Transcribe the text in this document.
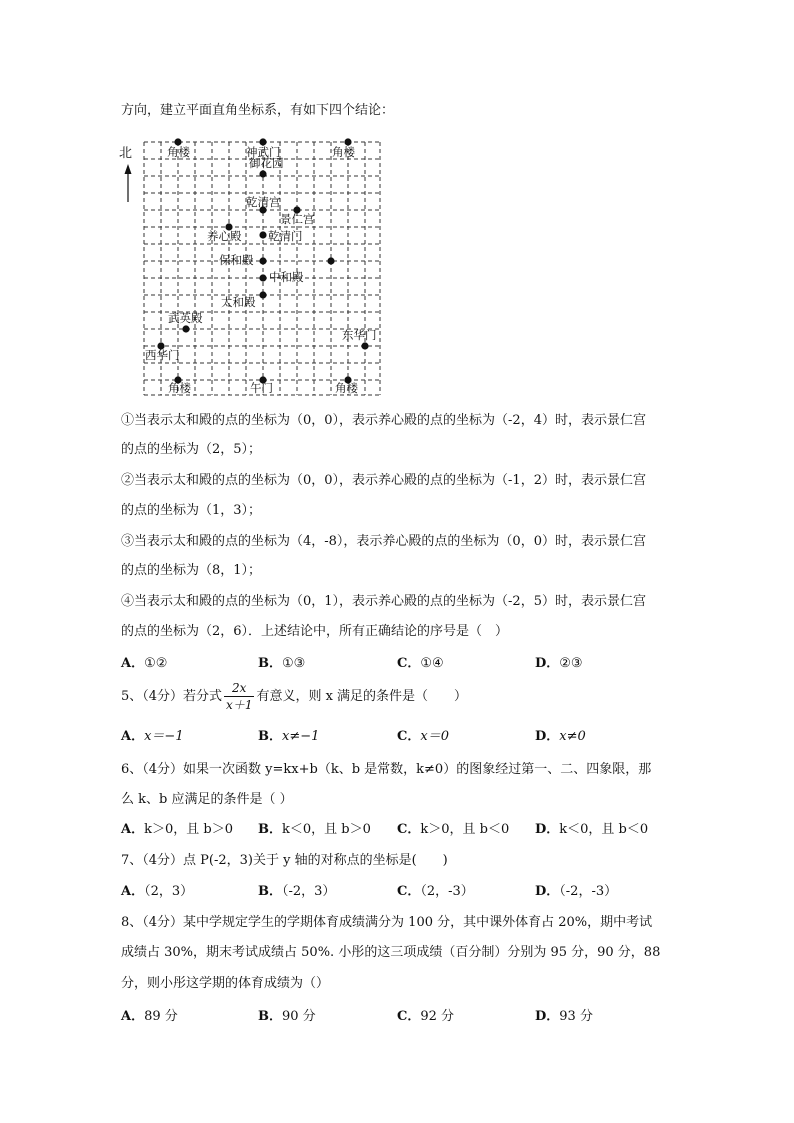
方向，建立平面直角坐标系，有如下四个结论：
北	角楼	神武门	角楼
御花园
乾清宫
景仁宫
养心殿 乾清门
保和殿
中和殿
太和殿
武英殿
东华门
西华门
角楼	午门	角楼
①当表示太和殿的点的坐标为（0，0），表示养心殿的点的坐标为（-2，4）时，表示景仁宫
的点的坐标为（2，5）；
②当表示太和殿的点的坐标为（0，0），表示养心殿的点的坐标为（-1，2）时，表示景仁宫
的点的坐标为（1，3）；
③当表示太和殿的点的坐标为（4，-8），表示养心殿的点的坐标为（0，0）时，表示景仁宫
的点的坐标为（8，1）；
④当表示太和殿的点的坐标为（0，1），表示养心殿的点的坐标为（-2，5）时，表示景仁宫
的点的坐标为（2，6）．上述结论中，所有正确结论的序号是（　）
A．①②	B．①③	C．①④	D．②③
5、（4分）若分式 $\frac{2x}{x+1}$ 有意义，则 x 满足的条件是（　　）
A．x＝−1	B．x≠−1	C．x＝0	D．x≠0
6、（4分）如果一次函数 y=kx+b（k、b 是常数，k≠0）的图象经过第一、二、四象限，那
么 k、b 应满足的条件是（ ）
A．k＞0，且 b＞0 B．k＜0，且 b＞0 C．k＞0，且 b＜0 D．k＜0，且 b＜0
7、（4分）点 P(-2，3)关于 y 轴的对称点的坐标是(　　)
A．（2，3）	B．（-2，3）	C．（2，-3）	D．（-2，-3）
8、（4分）某中学规定学生的学期体育成绩满分为 100 分，其中课外体育占 20%，期中考试
成绩占 30%，期末考试成绩占 50%. 小彤的这三项成绩（百分制）分别为 95 分，90 分，88
分，则小彤这学期的体育成绩为（）
A．89 分	B．90 分	C．92 分	D．93 分
